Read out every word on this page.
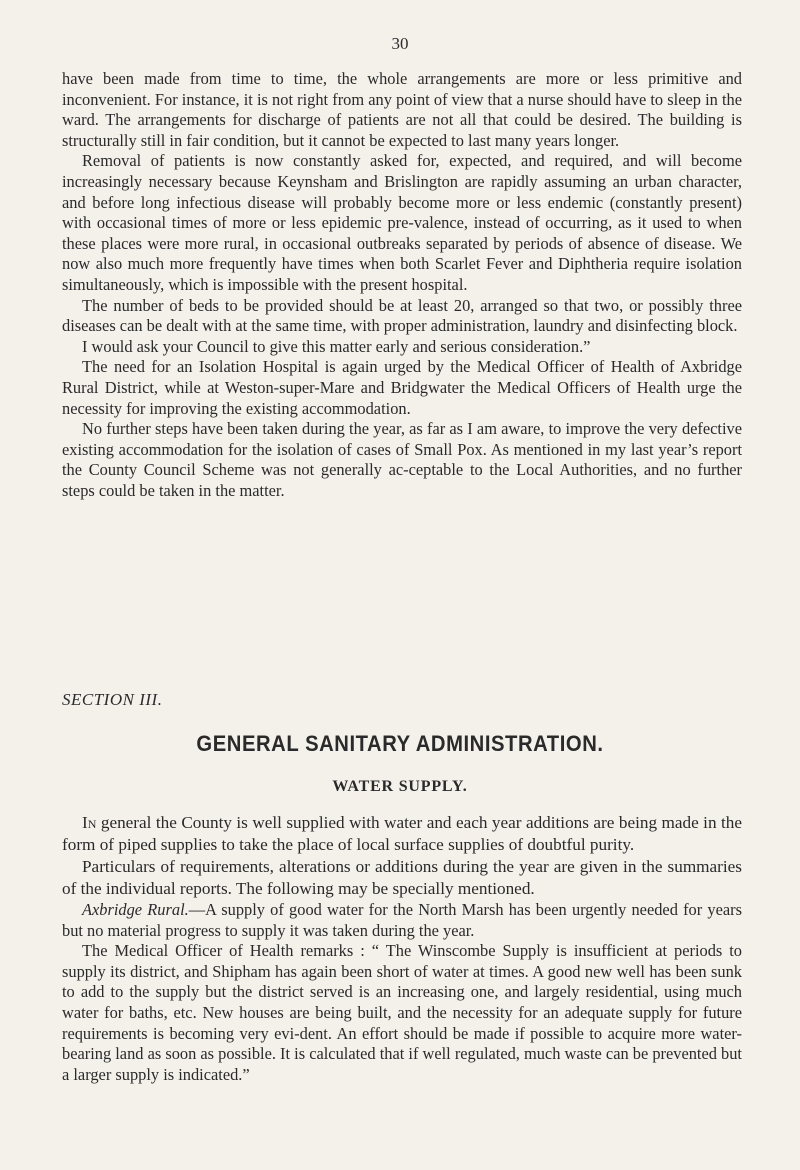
30

have been made from time to time, the whole arrangements are more or less primitive and inconvenient. For instance, it is not right from any point of view that a nurse should have to sleep in the ward. The arrangements for discharge of patients are not all that could be desired. The building is structurally still in fair condition, but it cannot be expected to last many years longer.

Removal of patients is now constantly asked for, expected, and required, and will become increasingly necessary because Keynsham and Brislington are rapidly assuming an urban character, and before long infectious disease will probably become more or less endemic (constantly present) with occasional times of more or less epidemic pre-valence, instead of occurring, as it used to when these places were more rural, in occasional outbreaks separated by periods of absence of disease. We now also much more frequently have times when both Scarlet Fever and Diphtheria require isolation simultaneously, which is impossible with the present hospital.

The number of beds to be provided should be at least 20, arranged so that two, or possibly three diseases can be dealt with at the same time, with proper administration, laundry and disinfecting block.

I would ask your Council to give this matter early and serious consideration.”

The need for an Isolation Hospital is again urged by the Medical Officer of Health of Axbridge Rural District, while at Weston-super-Mare and Bridgwater the Medical Officers of Health urge the necessity for improving the existing accommodation.

No further steps have been taken during the year, as far as I am aware, to improve the very defective existing accommodation for the isolation of cases of Small Pox. As mentioned in my last year’s report the County Council Scheme was not generally ac-ceptable to the Local Authorities, and no further steps could be taken in the matter.

SECTION III.
GENERAL SANITARY ADMINISTRATION.
WATER SUPPLY.

In general the County is well supplied with water and each year additions are being made in the form of piped supplies to take the place of local surface supplies of doubtful purity.

Particulars of requirements, alterations or additions during the year are given in the summaries of the individual reports. The following may be specially mentioned.

Axbridge Rural.—A supply of good water for the North Marsh has been urgently needed for years but no material progress to supply it was taken during the year.

The Medical Officer of Health remarks : “ The Winscombe Supply is insufficient at periods to supply its district, and Shipham has again been short of water at times. A good new well has been sunk to add to the supply but the district served is an increasing one, and largely residential, using much water for baths, etc. New houses are being built, and the necessity for an adequate supply for future requirements is becoming very evi-dent. An effort should be made if possible to acquire more water-bearing land as soon as possible. It is calculated that if well regulated, much waste can be prevented but a larger supply is indicated.”
